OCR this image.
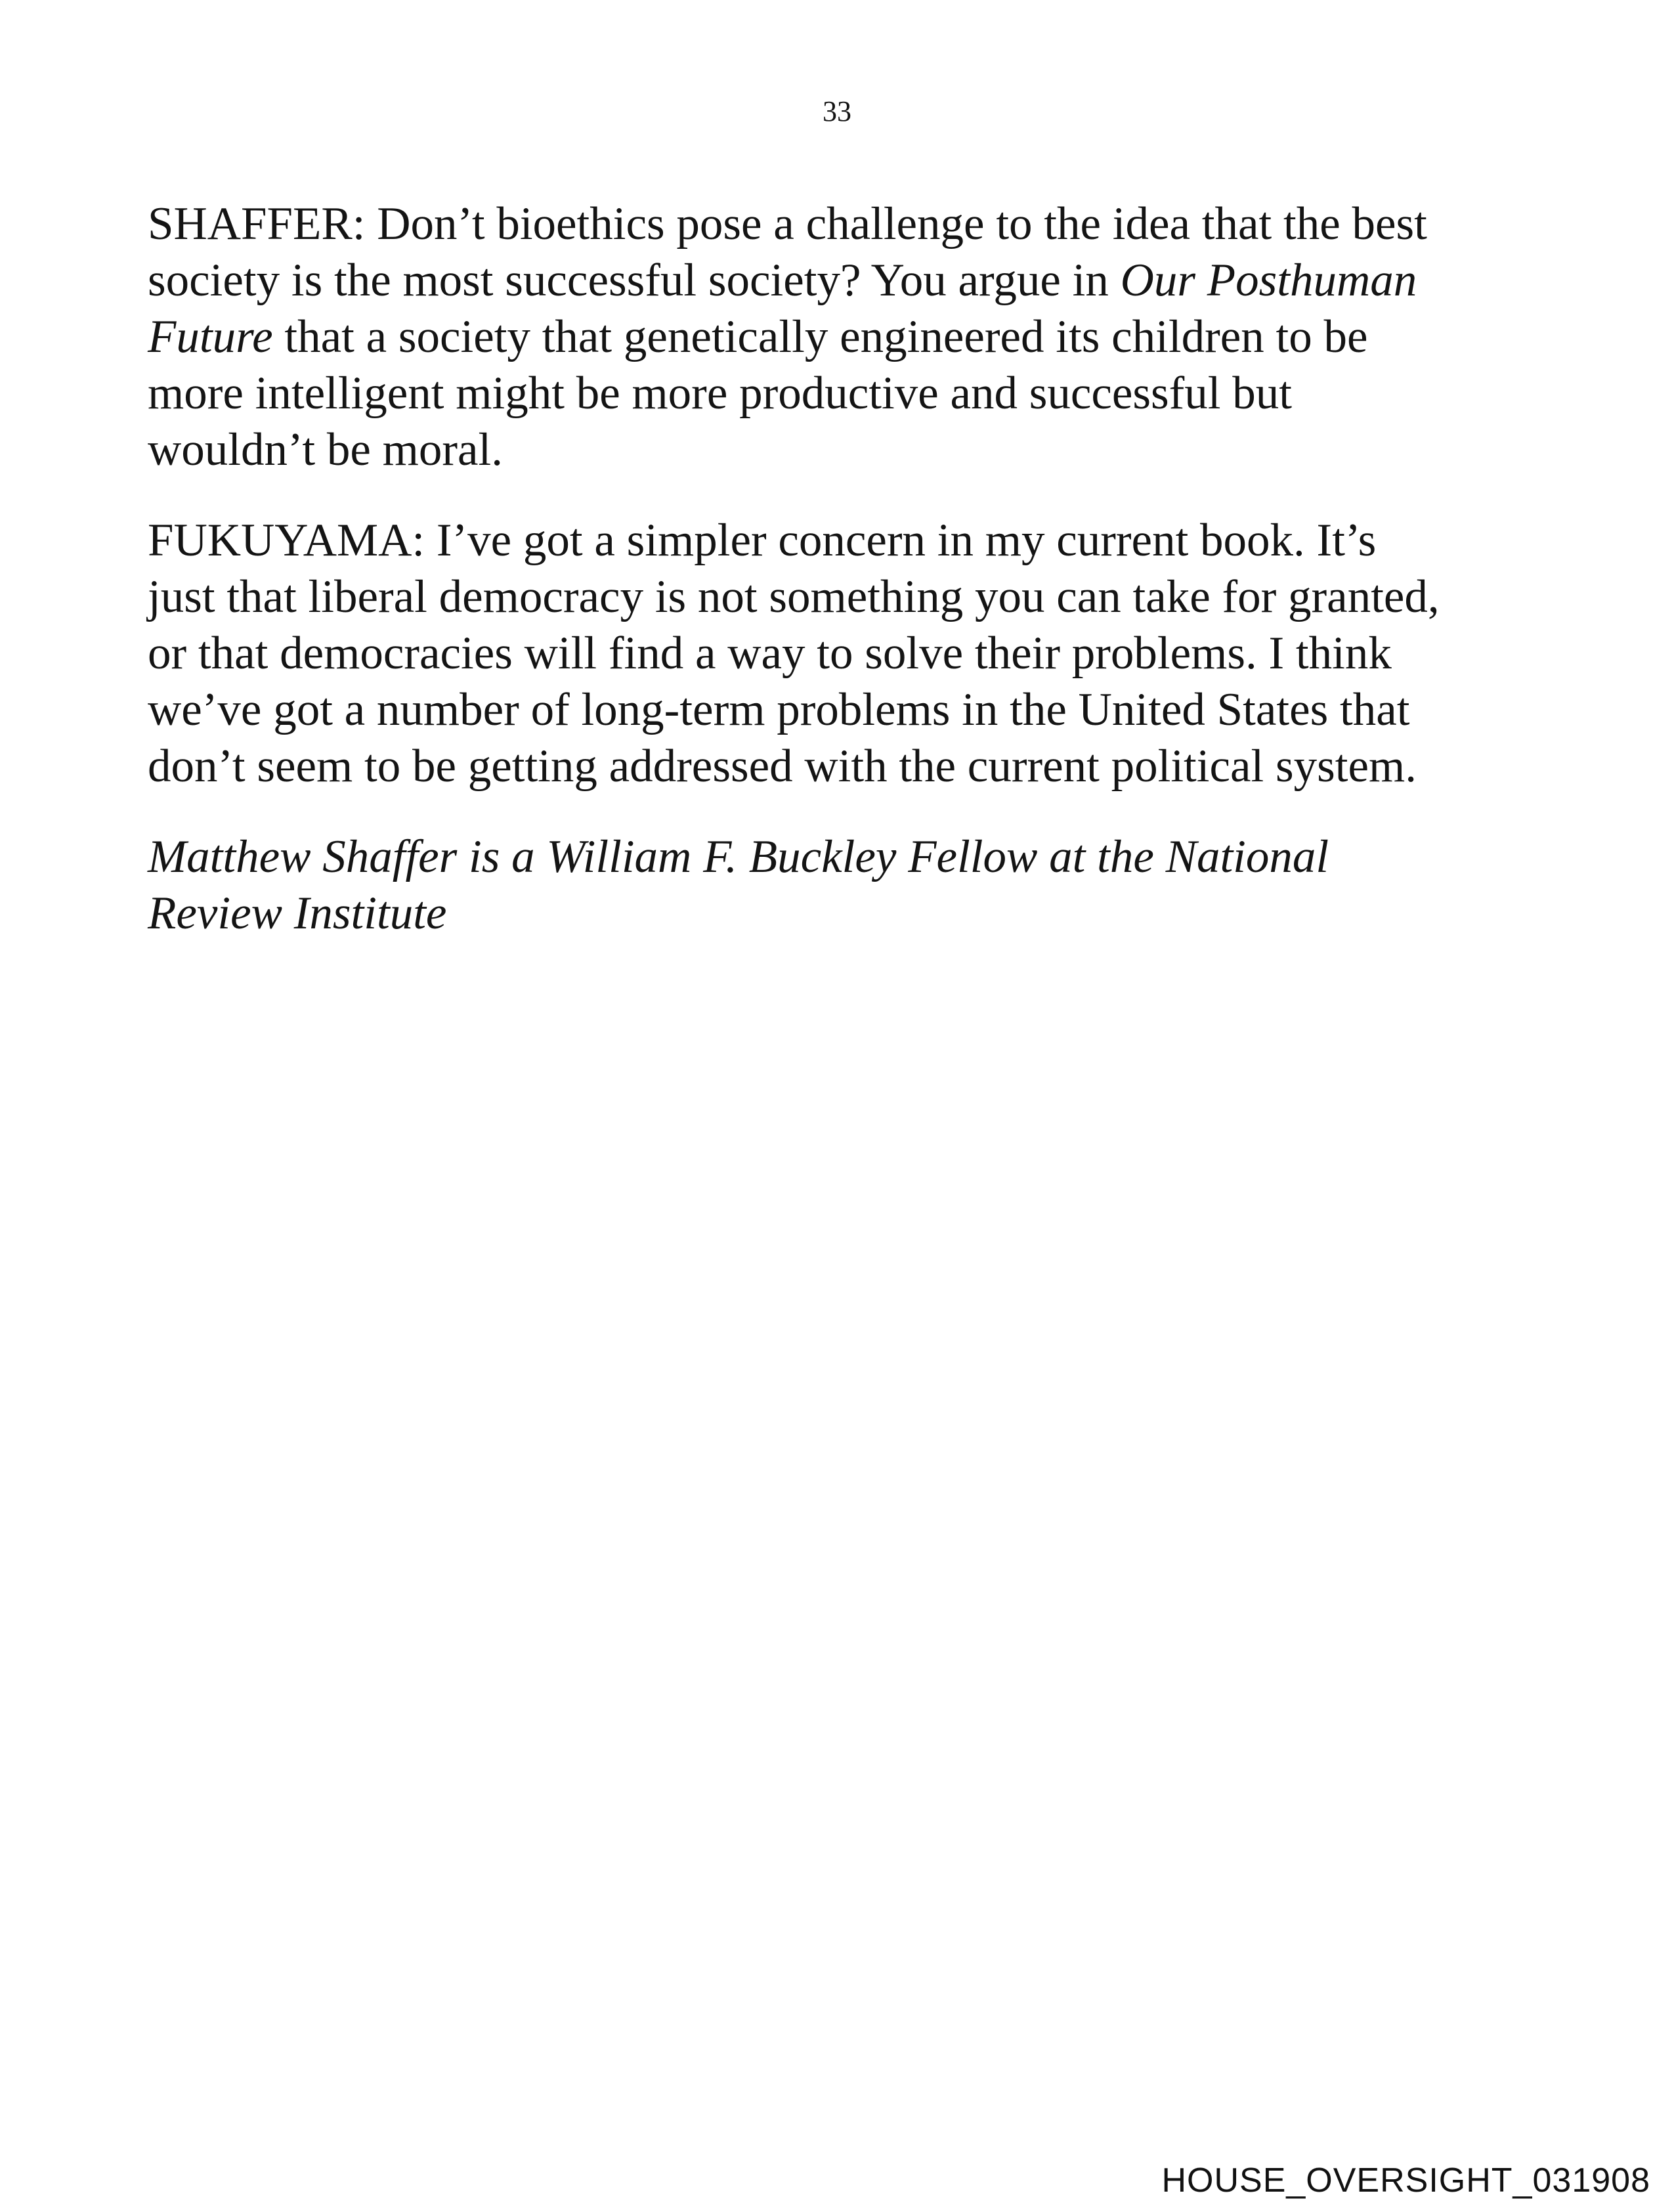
33

SHAFFER: Don’t bioethics pose a challenge to the idea that the best
society is the most successful society? You argue in Our Posthuman
Future that a society that genetically engineered its children to be
more intelligent might be more productive and successful but
wouldn’t be moral.

FUKUYAMA: I’ve got a simpler concern in my current book. It’s
just that liberal democracy is not something you can take for granted,
or that democracies will find a way to solve their problems. I think
we’ve got a number of long-term problems in the United States that
don’t seem to be getting addressed with the current political system.

Matthew Shaffer is a William F. Buckley Fellow at the National
Review Institute

HOUSE_OVERSIGHT_031908
